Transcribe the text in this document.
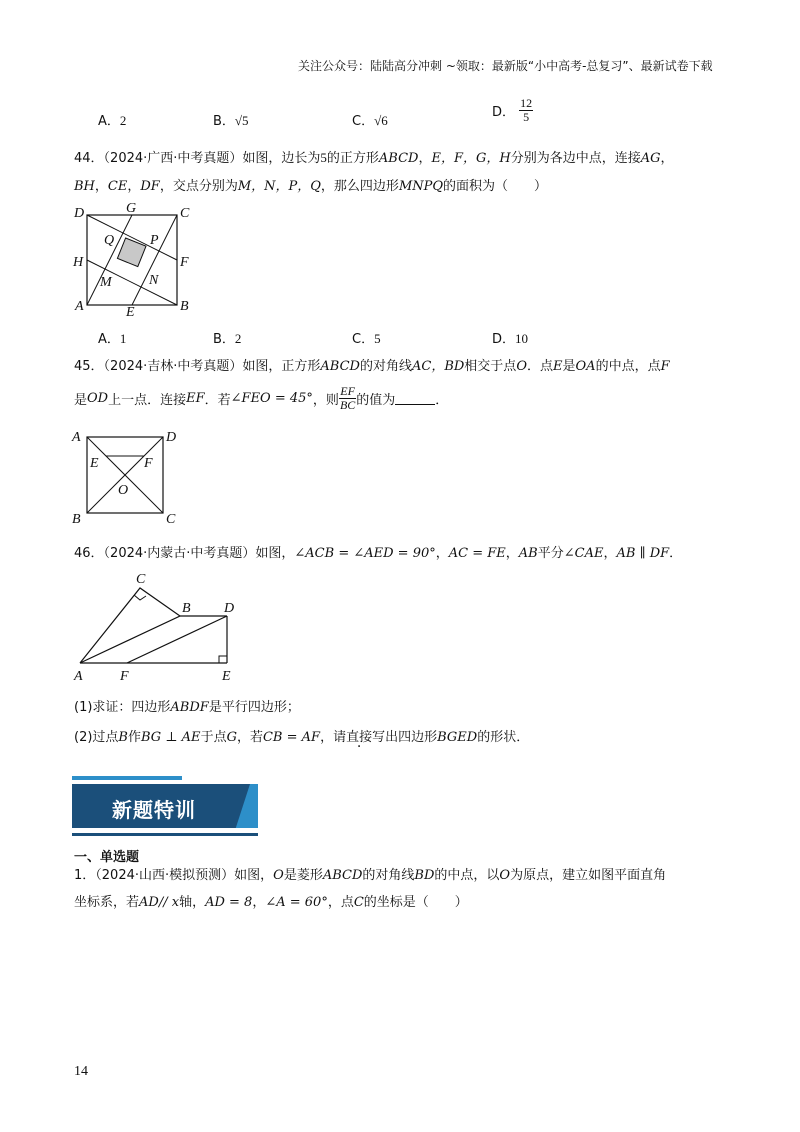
关注公众号：陆陆高分冲刺 ~领取：最新版“小中高考-总复习”、最新试卷下载
A．2	B．√5	C．√6
D． $\frac{12}{5}$
44．（2024·广西·中考真题）如图，边长为5的正方形ABCD，E，F，G，H分别为各边中点，连接AG，
BH，CE，DF，交点分别为M，N，P，Q，那么四边形MNPQ的面积为（　　）
D	G	C
Q	P
H	F
M	N
A	E	B
A．1	B．2	C．5	D．10
45．（2024·吉林·中考真题）如图，正方形ABCD的对角线AC，BD相交于点O．点E是OA的中点，点F
是OD上一点．连接EF．若∠FEO = 45°，则 $\frac{EF}{BC}$ 的值为	．
A	D
E	F
O
B	C
46．（2024·内蒙古·中考真题）如图，∠ACB = ∠AED = 90°，AC = FE，AB平分∠CAE，AB ∥ DF．
C
B D
A	F	E
(1)求证：四边形ABDF是平行四边形；
(2)过点B作BG ⊥ AE于点G，若CB = AF，请直接写出四边形BGED的形状．
新题特训
一、单选题
1．（2024·山西·模拟预测）如图，O是菱形ABCD的对角线BD的中点，以O为原点，建立如图平面直角
坐标系，若AD// x轴，AD = 8，∠A = 60°，点C的坐标是（　　）
14
